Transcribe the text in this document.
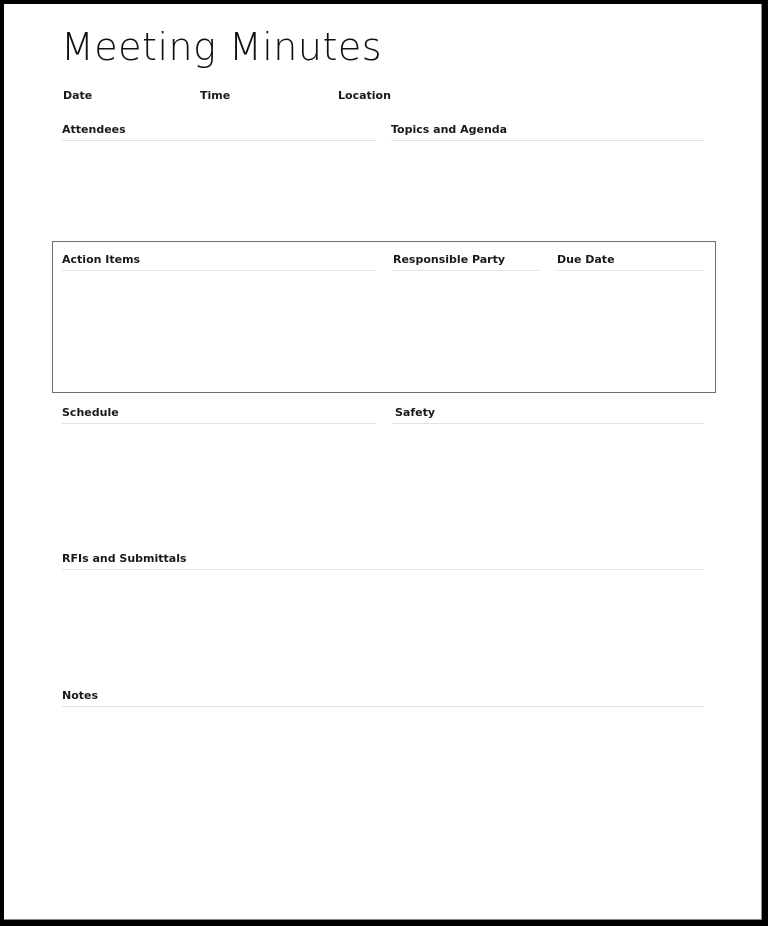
Meeting Minutes
Date	Time	Location
Attendees	Topics and Agenda
Action Items	Responsible Party	Due Date
Schedule	Safety
RFIs and Submittals
Notes
